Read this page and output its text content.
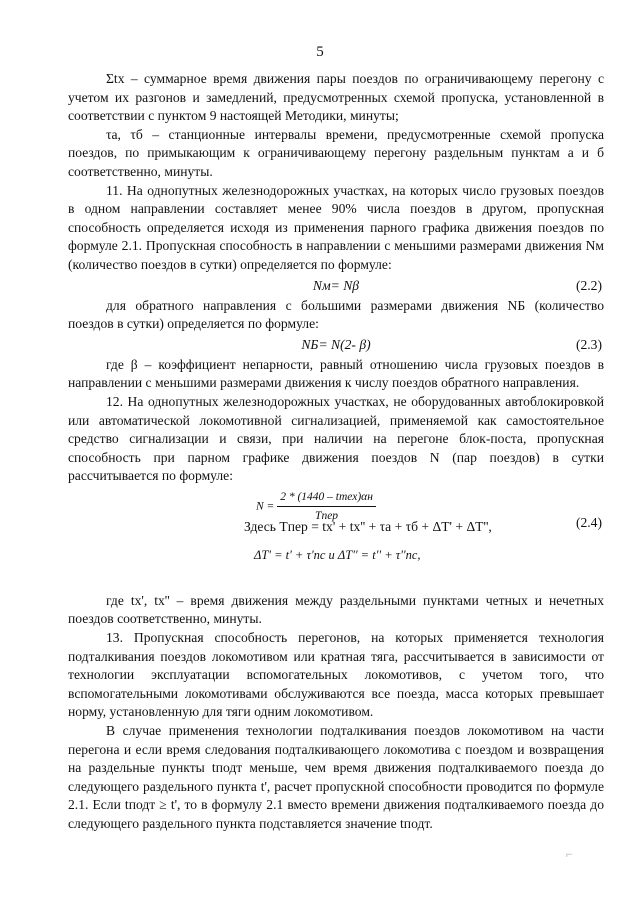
5

Σtх – суммарное время движения пары поездов по ограничивающему перегону с учетом их разгонов и замедлений, предусмотренных схемой пропуска, установленной в соответствии с пунктом 9 настоящей Методики, минуты;

τа, τб – станционные интервалы времени, предусмотренные схемой пропуска поездов, по примыкающим к ограничивающему перегону раздельным пунктам а и б соответственно, минуты.

11. На однопутных железнодорожных участках, на которых число грузовых поездов в одном направлении составляет менее 90% числа поездов в другом, пропускная способность определяется исходя из применения парного графика движения поездов по формуле 2.1. Пропускная способность в направлении с меньшими размерами движения Nм (количество поездов в сутки) определяется по формуле:

Nм= Nβ	(2.2)

для обратного направления с большими размерами движения NБ (количество поездов в сутки) определяется по формуле:

NБ= N(2- β)	(2.3)

где β – коэффициент непарности, равный отношению числа грузовых поездов в направлении с меньшими размерами движения к числу поездов обратного направления.

12. На однопутных железнодорожных участках, не оборудованных автоблокировкой или автоматической локомотивной сигнализацией, применяемой как самостоятельное средство сигнализации и связи, при наличии на перегоне блок-поста, пропускная способность при парном графике движения поездов N (пар поездов) в сутки рассчитывается по формуле:

$N = \frac{\text{2 * (1440 – tтех)αн}}{\text{Tпер}}$
Здесь Tпер = tx' + tx'' + τа + τб + ΔT' + ΔT'',
ΔT' = t' + τ'пс и ΔT'' = t'' + τ''пс,
(2.4)

где tx', tx'' – время движения между раздельными пунктами четных и нечетных поездов соответственно, минуты.

13. Пропускная способность перегонов, на которых применяется технология подталкивания поездов локомотивом или кратная тяга, рассчитывается в зависимости от технологии эксплуатации вспомогательных локомотивов, с учетом того, что вспомогательными локомотивами обслуживаются все поезда, масса которых превышает норму, установленную для тяги одним локомотивом.

В случае применения технологии подталкивания поездов локомотивом на части перегона и если время следования подталкивающего локомотива с поездом и возвращения на раздельные пункты tподт меньше, чем время движения подталкиваемого поезда до следующего раздельного пункта t', расчет пропускной способности проводится по формуле 2.1. Если tподт ≥ t', то в формулу 2.1 вместо времени движения подталкиваемого поезда до следующего раздельного пункта подставляется значение tподт.

⌐
